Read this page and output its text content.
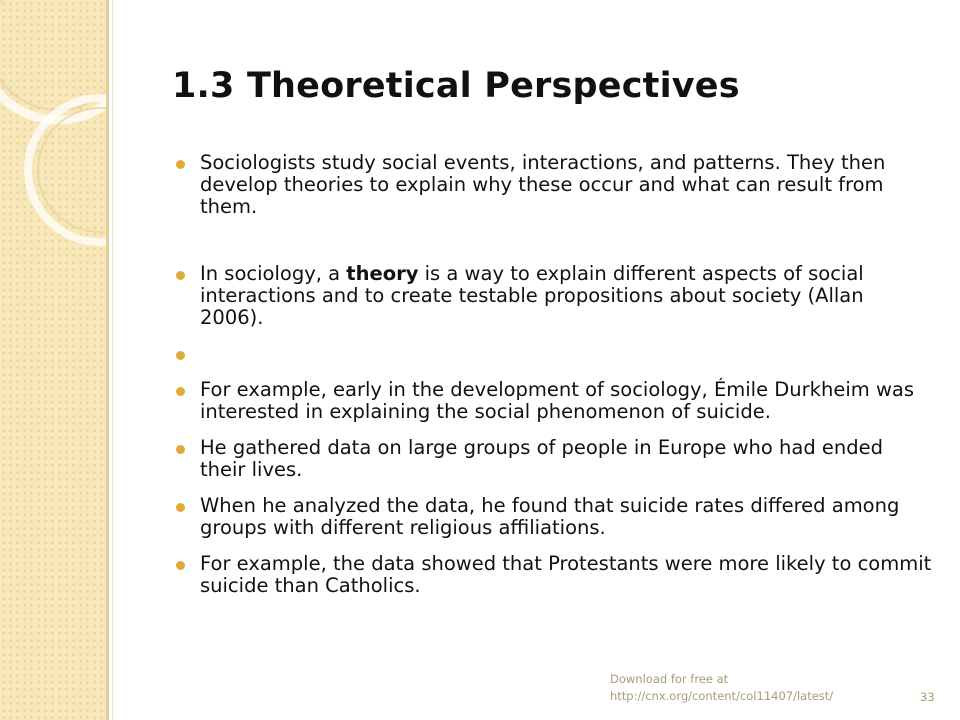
1.3 Theoretical Perspectives
Sociologists study social events, interactions, and patterns. They then develop theories to explain why these occur and what can result from them.
In sociology, a theory is a way to explain different aspects of social interactions and to create testable propositions about society (Allan 2006).
For example, early in the development of sociology, Émile Durkheim was interested in explaining the social phenomenon of suicide.
He gathered data on large groups of people in Europe who had ended their lives.
When he analyzed the data, he found that suicide rates differed among groups with different religious affiliations.
For example, the data showed that Protestants were more likely to commit suicide than Catholics.
Download for free at
http://cnx.org/content/col11407/latest/	33
